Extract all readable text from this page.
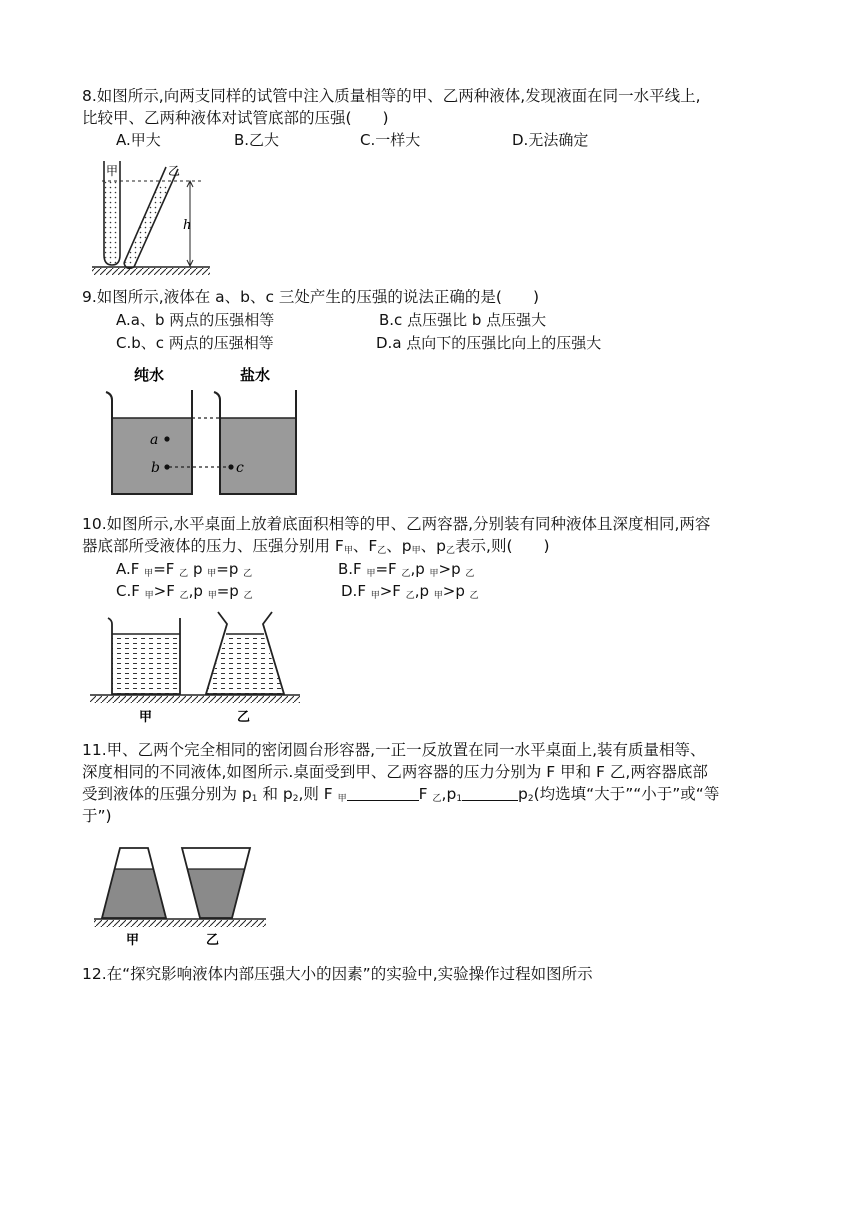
8.如图所示,向两支同样的试管中注入质量相等的甲、乙两种液体,发现液面在同一水平线上,
比较甲、乙两种液体对试管底部的压强(　　)
A.甲大	B.乙大	C.一样大	D.无法确定
h
甲	乙
9.如图所示,液体在 a、b、c 三处产生的压强的说法正确的是(　　)
A.a、b 两点的压强相等	B.c 点压强比 b 点压强大
C.b、c 两点的压强相等	D.a 点向下的压强比向上的压强大
纯水	盐水
a
b	c
10.如图所示,水平桌面上放着底面积相等的甲、乙两容器,分别装有同种液体且深度相同,两容
器底部所受液体的压力、压强分别用 $F_甲$、$F_乙$、$p_甲$、$p_乙$表示,则(　　)
A.F $_甲$=F $_乙$ p $_甲$=p $_乙$	B.F $_甲$=F $_乙$,p $_甲$>p $_乙$
C.F $_甲$>F $_乙$,p $_甲$=p $_乙$	D.F $_甲$>F $_乙$,p $_甲$>p $_乙$
甲	乙
11.甲、乙两个完全相同的密闭圆台形容器,一正一反放置在同一水平桌面上,装有质量相等、
深度相同的不同液体,如图所示.桌面受到甲、乙两容器的压力分别为 F 甲和 F 乙,两容器底部
受到液体的压强分别为 $p_1$ 和 $p_2$,则 F $_甲$	F $_乙,p_1$	$p_2$(均选填“大于”“小于”或“等
于”)
甲	乙
12.在“探究影响液体内部压强大小的因素”的实验中,实验操作过程如图所示
